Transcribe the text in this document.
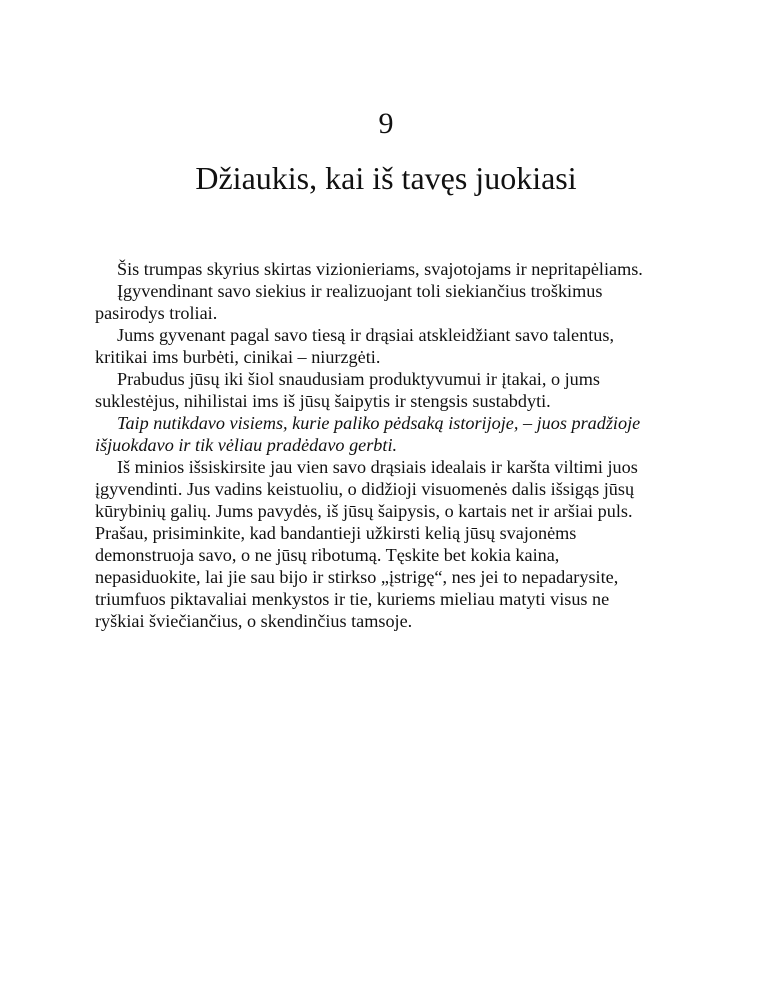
9
Džiaukis, kai iš tavęs juokiasi

Šis trumpas skyrius skirtas vizionieriams, svajotojams ir nepritapėliams.

Įgyvendinant savo siekius ir realizuojant toli siekiančius troškimus

pasirodys troliai.

Jums gyvenant pagal savo tiesą ir drąsiai atskleidžiant savo talentus,

kritikai ims burbėti, cinikai – niurzgėti.

Prabudus jūsų iki šiol snaudusiam produktyvumui ir įtakai, o jums

suklestėjus, nihilistai ims iš jūsų šaipytis ir stengsis sustabdyti.

Taip nutikdavo visiems, kurie paliko pėdsaką istorijoje, – juos pradžioje

išjuokdavo ir tik vėliau pradėdavo gerbti.

Iš minios išsiskirsite jau vien savo drąsiais idealais ir karšta viltimi juos

įgyvendinti. Jus vadins keistuoliu, o didžioji visuomenės dalis išsigąs jūsų

kūrybinių galių. Jums pavydės, iš jūsų šaipysis, o kartais net ir aršiai puls.

Prašau, prisiminkite, kad bandantieji užkirsti kelią jūsų svajonėms

demonstruoja savo, o ne jūsų ribotumą. Tęskite bet kokia kaina,

nepasiduokite, lai jie sau bijo ir stirkso „įstrigę“, nes jei to nepadarysite,

triumfuos piktavaliai menkystos ir tie, kuriems mieliau matyti visus ne

ryškiai šviečiančius, o skendinčius tamsoje.
